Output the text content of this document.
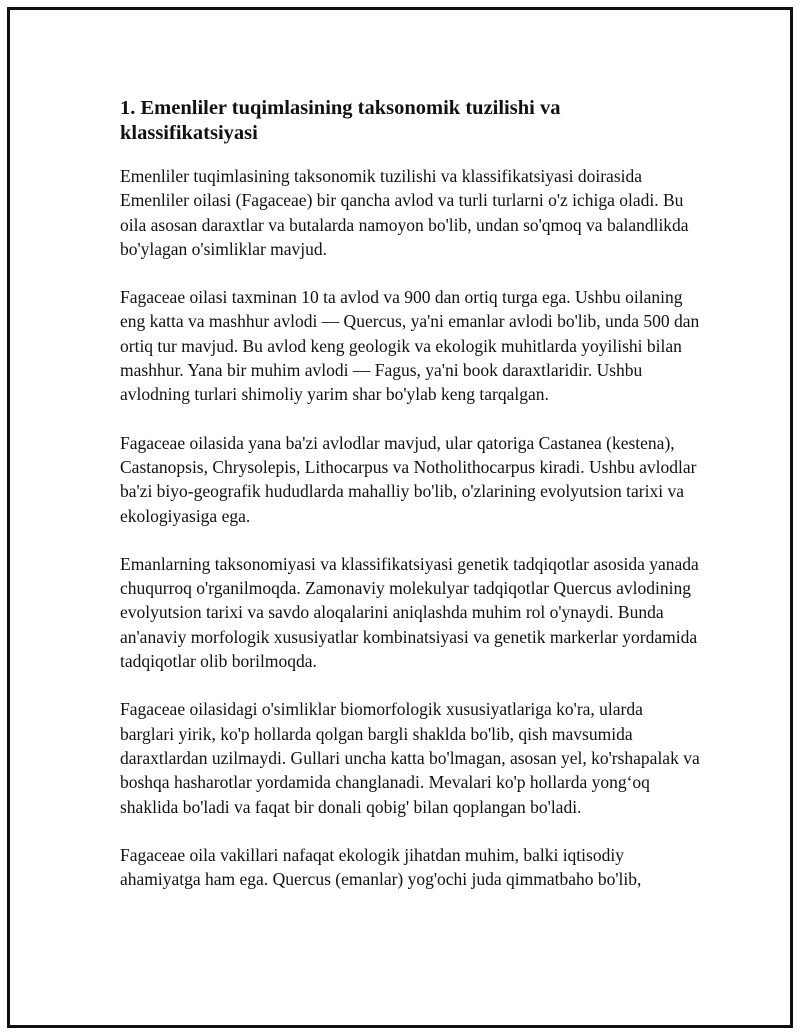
1. Emenliler tuqimlasining taksonomik tuzilishi va klassifikatsiyasi

Emenliler tuqimlasining taksonomik tuzilishi va klassifikatsiyasi doirasida Emenliler oilasi (Fagaceae) bir qancha avlod va turli turlarni o'z ichiga oladi. Bu oila asosan daraxtlar va butalarda namoyon bo'lib, undan so'qmoq va balandlikda bo'ylagan o'simliklar mavjud.

Fagaceae oilasi taxminan 10 ta avlod va 900 dan ortiq turga ega. Ushbu oilaning eng katta va mashhur avlodi — Quercus, ya'ni emanlar avlodi bo'lib, unda 500 dan ortiq tur mavjud. Bu avlod keng geologik va ekologik muhitlarda yoyilishi bilan mashhur. Yana bir muhim avlodi — Fagus, ya'ni book daraxtlaridir. Ushbu avlodning turlari shimoliy yarim shar bo'ylab keng tarqalgan.

Fagaceae oilasida yana ba'zi avlodlar mavjud, ular qatoriga Castanea (kestena), Castanopsis, Chrysolepis, Lithocarpus va Notholithocarpus kiradi. Ushbu avlodlar ba'zi biyo-geografik hududlarda mahalliy bo'lib, o'zlarining evolyutsion tarixi va ekologiyasiga ega.

Emanlarning taksonomiyasi va klassifikatsiyasi genetik tadqiqotlar asosida yanada chuqurroq o'rganilmoqda. Zamonaviy molekulyar tadqiqotlar Quercus avlodining evolyutsion tarixi va savdo aloqalarini aniqlashda muhim rol o'ynaydi. Bunda an'anaviy morfologik xususiyatlar kombinatsiyasi va genetik markerlar yordamida tadqiqotlar olib borilmoqda.

Fagaceae oilasidagi o'simliklar biomorfologik xususiyatlariga ko'ra, ularda barglari yirik, ko'p hollarda qolgan bargli shaklda bo'lib, qish mavsumida daraxtlardan uzilmaydi. Gullari uncha katta bo'lmagan, asosan yel, ko'rshapalak va boshqa hasharotlar yordamida changlanadi. Mevalari ko'p hollarda yong‘oq shaklida bo'ladi va faqat bir donali qobig' bilan qoplangan bo'ladi.

Fagaceae oila vakillari nafaqat ekologik jihatdan muhim, balki iqtisodiy ahamiyatga ham ega. Quercus (emanlar) yog'ochi juda qimmatbaho bo'lib,
